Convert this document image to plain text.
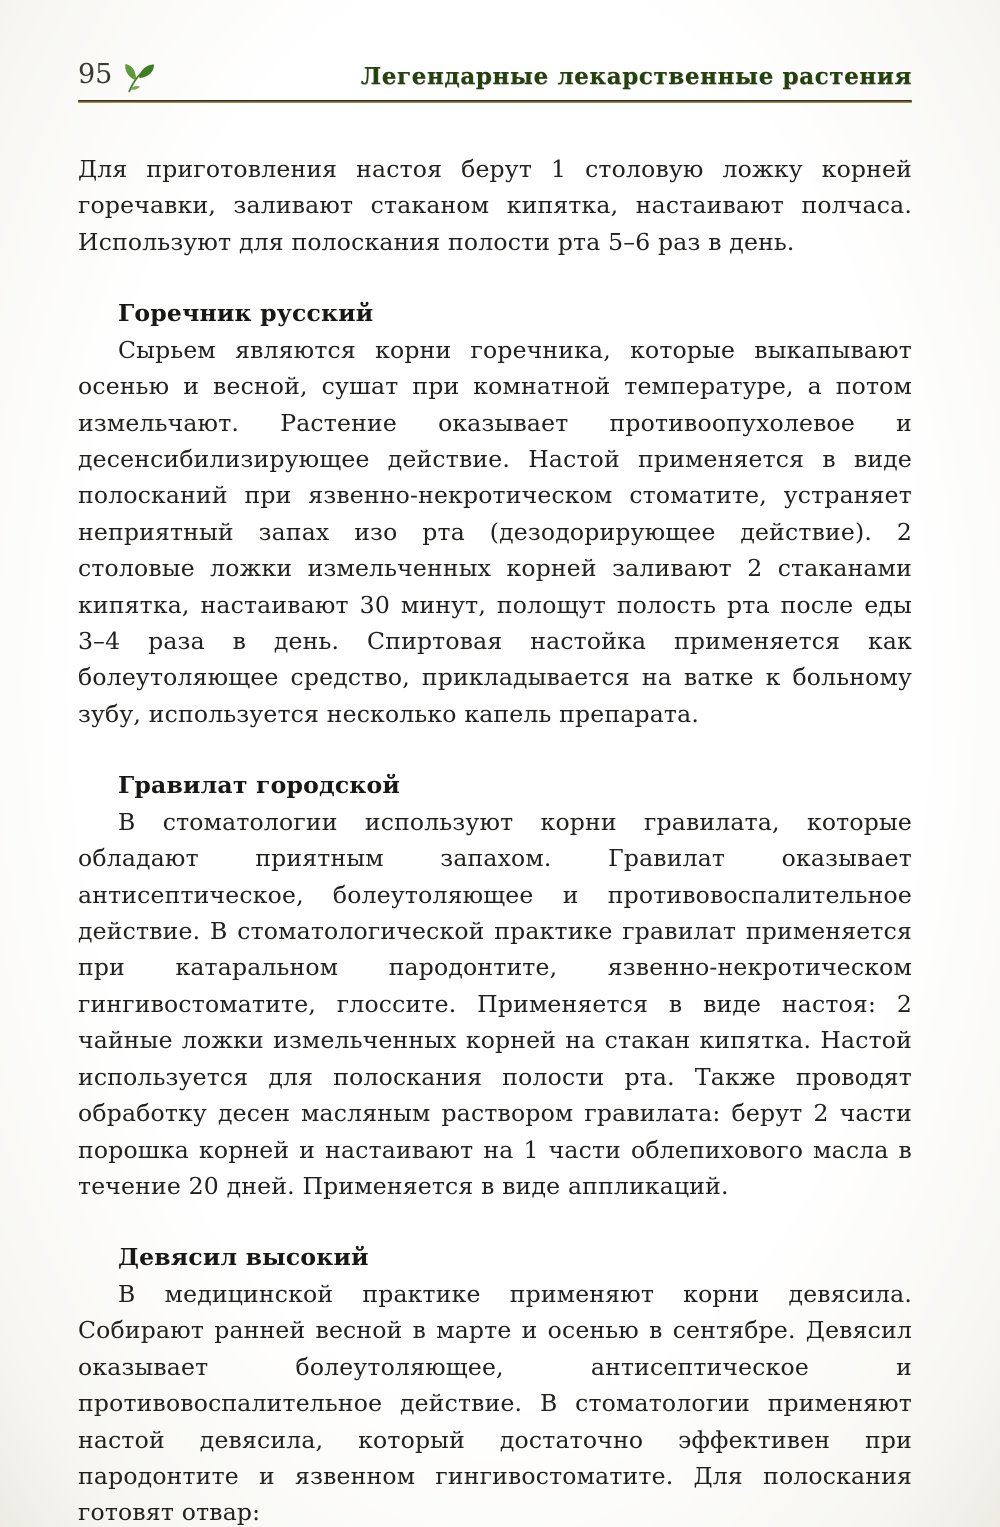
95	Легендарные лекарственные растения

Для приготовления настоя берут 1 столовую ложку корней горечавки, заливают стаканом кипятка, настаивают полчаса. Используют для полоскания полости рта 5–6 раз в день.

Горечник русский

Сырьем являются корни горечника, которые выкапывают осенью и весной, сушат при комнатной температуре, а потом измельчают. Растение оказывает противоопухолевое и десенсибилизирующее действие. Настой применяется в виде полосканий при язвенно-некротическом стоматите, устраняет неприятный запах изо рта (дезодорирующее действие). 2 столовые ложки измельченных корней заливают 2 стаканами кипятка, настаивают 30 минут, полощут полость рта после еды 3–4 раза в день. Спиртовая настойка применяется как болеутоляющее средство, прикладывается на ватке к больному зубу, используется несколько капель препарата.

Гравилат городской

В стоматологии используют корни гравилата, которые обладают приятным запахом. Гравилат оказывает антисептическое, болеутоляющее и противовоспалительное действие. В стоматологической практике гравилат применяется при катаральном пародонтите, язвенно-некротическом гингивостоматите, глоссите. Применяется в виде настоя: 2 чайные ложки измельченных корней на стакан кипятка. Настой используется для полоскания полости рта. Также проводят обработку десен масляным раствором гравилата: берут 2 части порошка корней и настаивают на 1 части облепихового масла в течение 20 дней. Применяется в виде аппликаций.

Девясил высокий

В медицинской практике применяют корни девясила. Собирают ранней весной в марте и осенью в сентябре. Девясил оказывает болеутоляющее, антисептическое и противовоспалительное действие. В стоматологии применяют настой девясила, который достаточно эффективен при пародонтите и язвенном гингивостоматите. Для полоскания готовят отвар:
